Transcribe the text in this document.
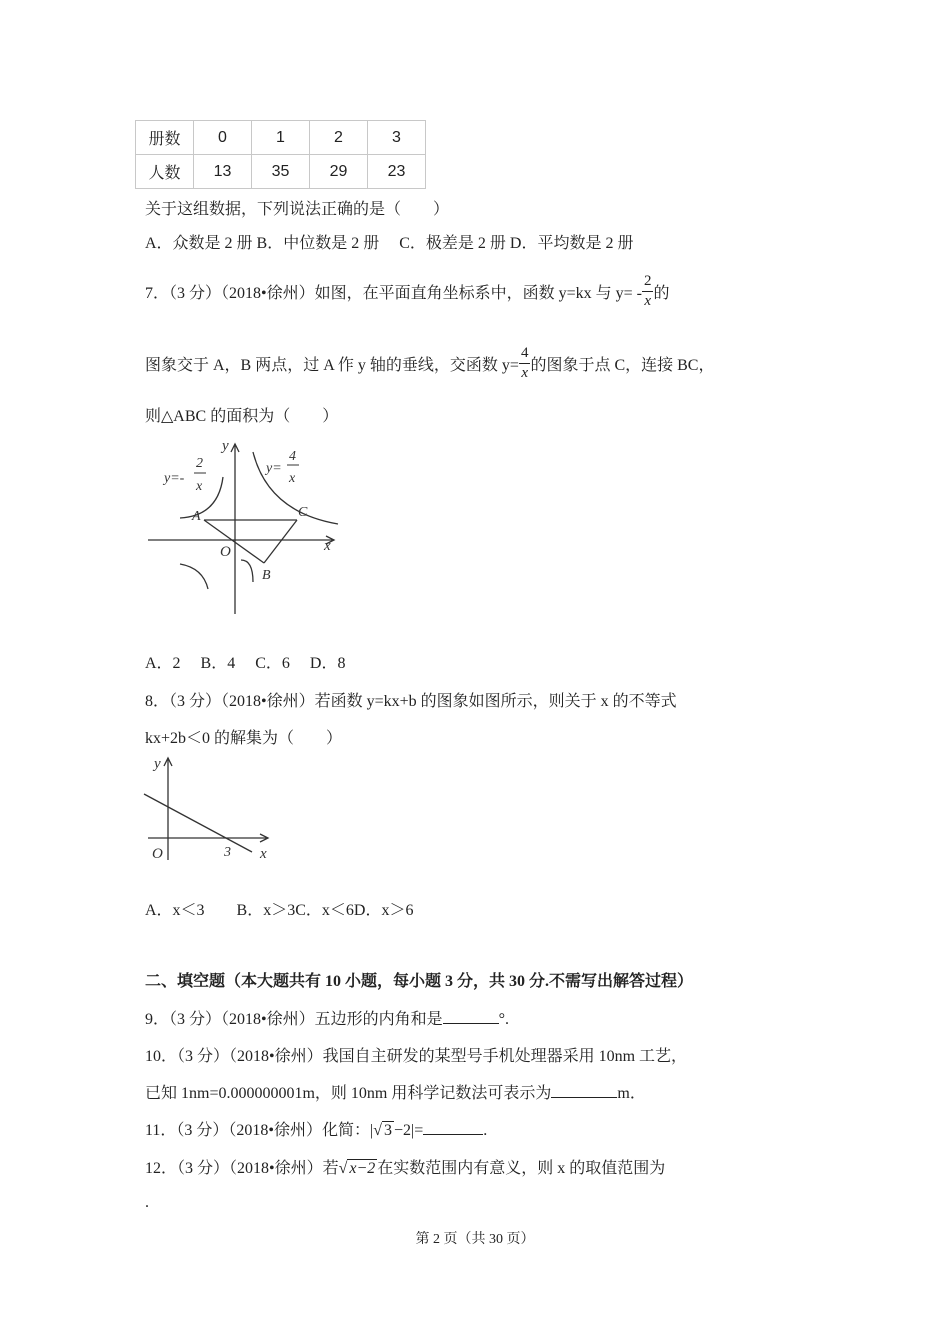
册数	0	1	2	3
人数	13	35	29	23
关于这组数据，下列说法正确的是（　　）
A．众数是 2 册 B．中位数是 2 册　 C．极差是 2 册 D．平均数是 2 册
7．（3 分）（2018•徐州）如图，在平面直角坐标系中，函数 y=kx 与 $y= - \frac{2}{x}$ 的
图象交于 A，B 两点，过 A 作 y 轴的垂线，交函数 $y= \frac{4}{x}$ 的图象于点 C，连接 BC，
则△ABC 的面积为（　　）
y
x
O
A
B
C
y=-
2
x
y=
4
x
A．2　 B．4　 C．6　 D．8
8．（3 分）（2018•徐州）若函数 y=kx+b 的图象如图所示，则关于 x 的不等式
kx+2b＜0 的解集为（　　）
y
x
O	3
A．x＜3　　B．x＞3C．x＜6D．x＞6
二、填空题（本大题共有 10 小题，每小题 3 分，共 30 分.不需写出解答过程）
9．（3 分）（2018•徐州）五边形的内角和是	°.
10．（3 分）（2018•徐州）我国自主研发的某型号手机处理器采用 10nm 工艺，
已知 1nm=0.000000001m，则 10nm 用科学记数法可表示为	m．
11．（3 分）（2018•徐州）化简：|√ 3 −2|=	.
12．（3 分）（2018•徐州）若√ x−2 在实数范围内有意义，则 x 的取值范围为
.
第 2 页（共 30 页）
